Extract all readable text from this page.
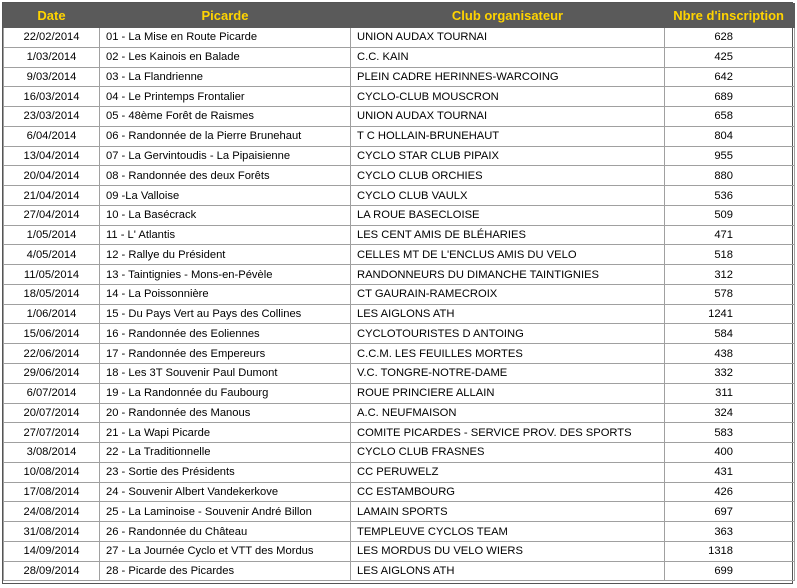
Date	Picarde	Club organisateur	Nbre d'inscription
22/02/2014	01 - La Mise en Route Picarde	UNION AUDAX TOURNAI	628
1/03/2014	02 - Les Kainois en Balade	C.C. KAIN	425
9/03/2014	03 - La Flandrienne	PLEIN CADRE HERINNES-WARCOING	642
16/03/2014	04 - Le Printemps Frontalier	CYCLO-CLUB MOUSCRON	689
23/03/2014	05 - 48ème Forêt de Raismes	UNION AUDAX TOURNAI	658
6/04/2014	06 - Randonnée de la Pierre Brunehaut	T C HOLLAIN-BRUNEHAUT	804
13/04/2014	07 - La Gervintoudis - La Pipaisienne	CYCLO STAR CLUB PIPAIX	955
20/04/2014	08 - Randonnée des deux Forêts	CYCLO CLUB ORCHIES	880
21/04/2014	09 -La Valloise	CYCLO CLUB VAULX	536
27/04/2014	10 - La Basécrack	LA ROUE BASECLOISE	509
1/05/2014	11 - L' Atlantis	LES CENT AMIS DE BLÉHARIES	471
4/05/2014	12 - Rallye du Président	CELLES MT DE L'ENCLUS AMIS DU VELO	518
11/05/2014	13 - Taintignies - Mons-en-Pévèle	RANDONNEURS DU DIMANCHE TAINTIGNIES	312
18/05/2014	14 - La Poissonnière	CT GAURAIN-RAMECROIX	578
1/06/2014	15 - Du Pays Vert au Pays des Collines	LES AIGLONS ATH	1241
15/06/2014	16 - Randonnée des Eoliennes	CYCLOTOURISTES D ANTOING	584
22/06/2014	17 - Randonnée des Empereurs	C.C.M. LES FEUILLES MORTES	438
29/06/2014	18 - Les 3T Souvenir Paul Dumont	V.C. TONGRE-NOTRE-DAME	332
6/07/2014	19 - La Randonnée du Faubourg	ROUE PRINCIERE ALLAIN	311
20/07/2014	20 - Randonnée des Manous	A.C. NEUFMAISON	324
27/07/2014	21 - La Wapi Picarde	COMITE PICARDES - SERVICE PROV. DES SPORTS	583
3/08/2014	22 - La Traditionnelle	CYCLO CLUB FRASNES	400
10/08/2014	23 - Sortie des Présidents	CC PERUWELZ	431
17/08/2014	24 - Souvenir Albert Vandekerkove	CC ESTAMBOURG	426
24/08/2014	25 - La Laminoise - Souvenir André Billon	LAMAIN SPORTS	697
31/08/2014	26 - Randonnée du Château	TEMPLEUVE CYCLOS TEAM	363
14/09/2014	27 - La Journée Cyclo et VTT des Mordus	LES MORDUS DU VELO WIERS	1318
28/09/2014	28 - Picarde des Picardes	LES AIGLONS ATH	699
